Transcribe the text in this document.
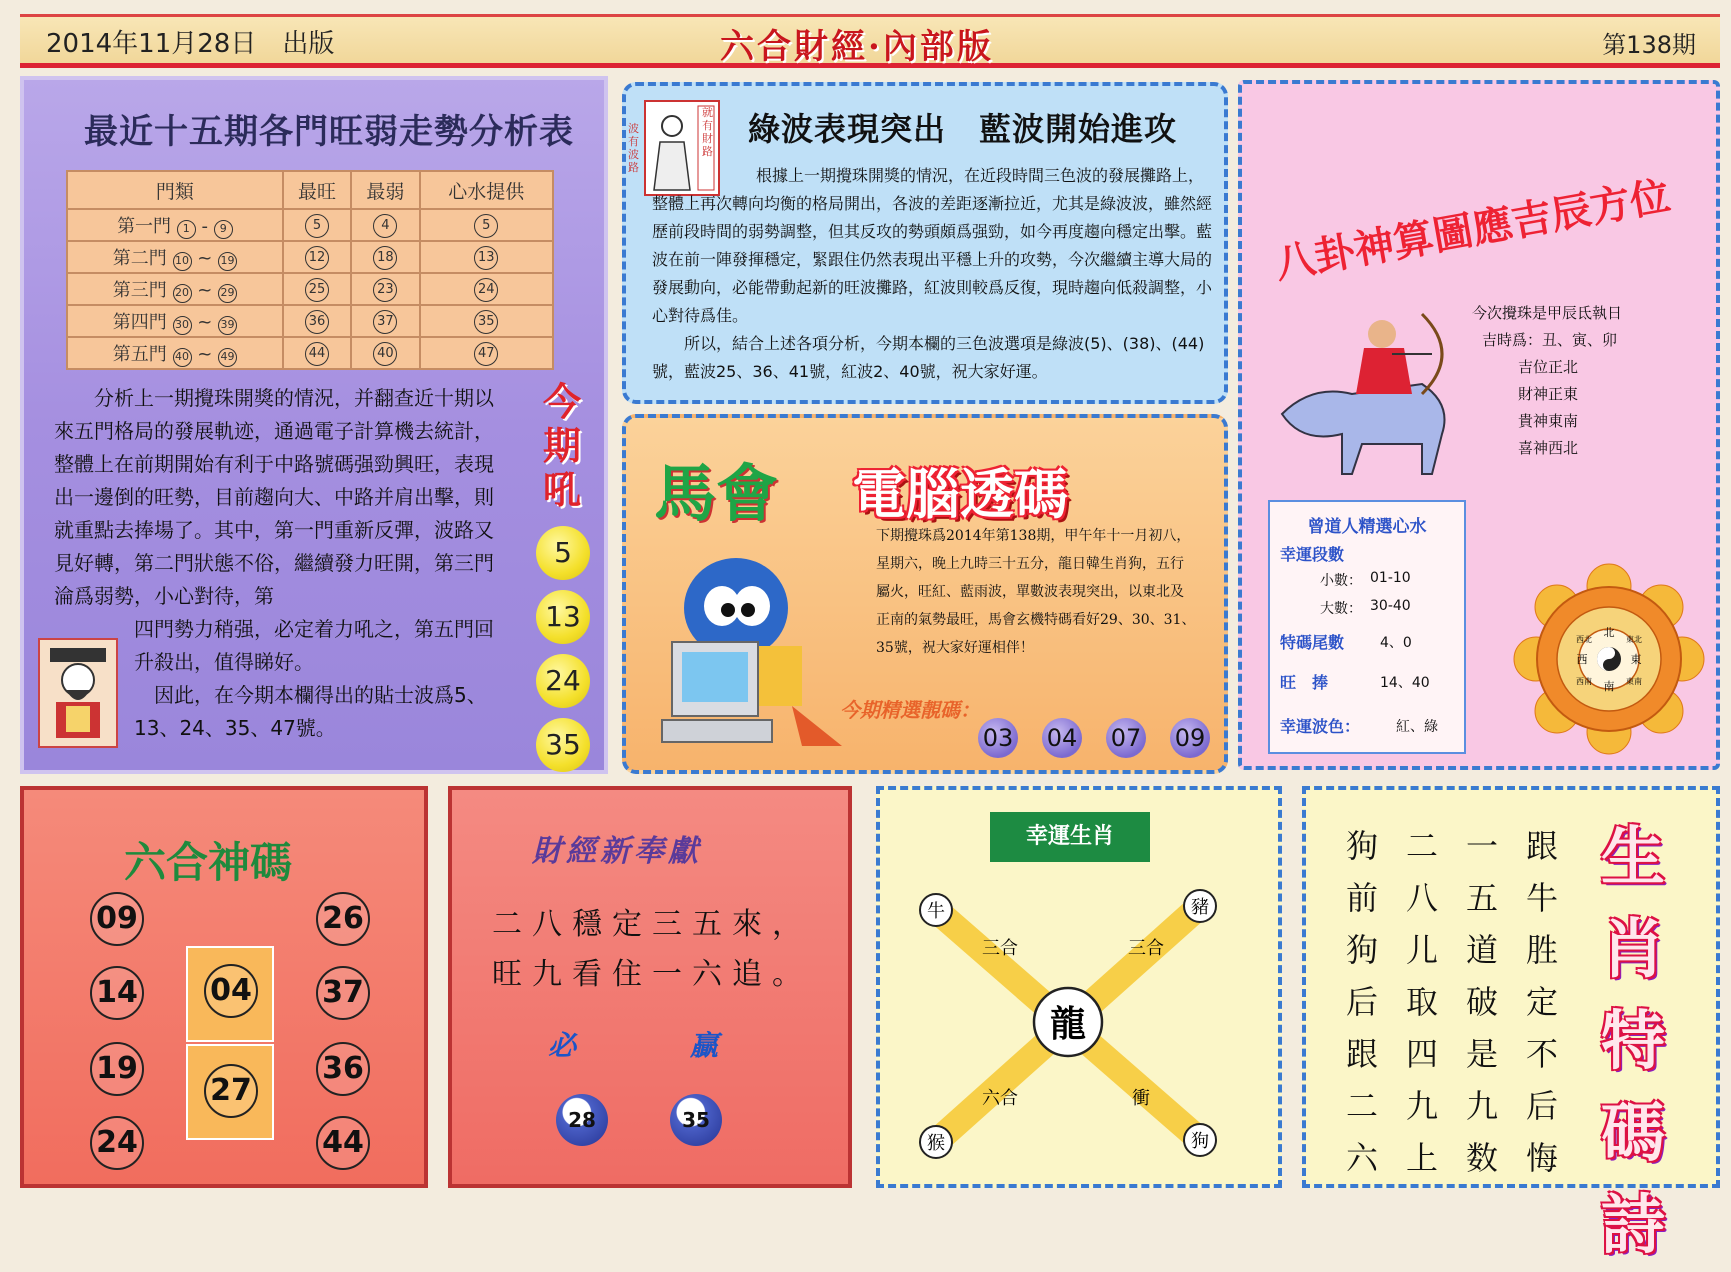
2014年11月28日　出版	六合財經·內部版	第138期
最近十五期各門旺弱走勢分析表
門類	最旺	最弱	心水提供
第一門 1 - 9	5	4	5
第二門 10 ~ 19	12	18	13
第三門 20 ~ 29	25	23	24
第四門 30 ~ 39	36	37	35
第五門 40 ~ 49	44	40	47

分析上一期攪珠開獎的情況，并翻查近十期以來五門格局的發展軌迹，通過電子計算機去統計，整體上在前期開始有利于中路號碼强勁興旺，表現出一邊倒的旺勢，目前趨向大、中路并肩出擊，則就重點去捧場了。其中，第一門重新反彈，波路又見好轉，第二門狀態不俗，繼續發力旺開，第三門淪爲弱勢，小心對待，第

四門勢力稍强，必定着力吼之，第五門回升殺出，值得睇好。

因此，在今期本欄得出的貼士波爲5、13、24、35、47號。

今期吼
5
13
24
35
就有財路
波有波路
綠波表現突出　藍波開始進攻

根據上一期攪珠開獎的情況，在近段時間三色波的發展攤路上，整體上再次轉向均衡的格局開出，各波的差距逐漸拉近，尤其是綠波波，雖然經歷前段時間的弱勢調整，但其反攻的勢頭頗爲强勁，如今再度趨向穩定出擊。藍波在前一陣發揮穩定，緊跟住仍然表現出平穩上升的攻勢，今次繼續主導大局的發展動向，必能帶動起新的旺波攤路，紅波則較爲反復，現時趨向低殺調整，小心對待爲佳。

所以，結合上述各項分析，今期本欄的三色波選項是綠波(5)、(38)、(44)號，藍波25、36、41號，紅波2、40號，祝大家好運。

馬會 電腦透碼
下期攪珠爲2014年第138期，甲午年十一月初八，星期六，晚上九時三十五分，龍日韓生肖狗，五行屬火，旺紅、藍雨波，單數波表現突出，以東北及正南的氣勢最旺，馬會玄機特碼看好29、30、31、35號，祝大家好運相伴！
今期精選靚碼：
03 04 07 09
八卦神算圖應吉辰方位
今次攪珠是甲辰氐執日
吉時爲：丑、寅、卯
吉位正北
財神正東
貴神東南
喜神西北
曾道人精選心水
幸運段數
小數： 01-10
大數： 30-40
特碼尾數	4、0
旺　捧	14、40
幸運波色：	紅、綠
北
南
東
西
東北
西北
東南
西南
六合神碼
09
14
19
24
04
27
26
37
36
44
財經新奉獻
二八穩定三五來，
旺九看住一六追。
必	贏
28	35
幸運生肖
龍
牛	豬
猴	狗
三合	三合
六合	衝
跟牛胜定不后悔
一五道破是九数
二八儿取四九上
狗前狗后跟二六
生肖特碼詩
